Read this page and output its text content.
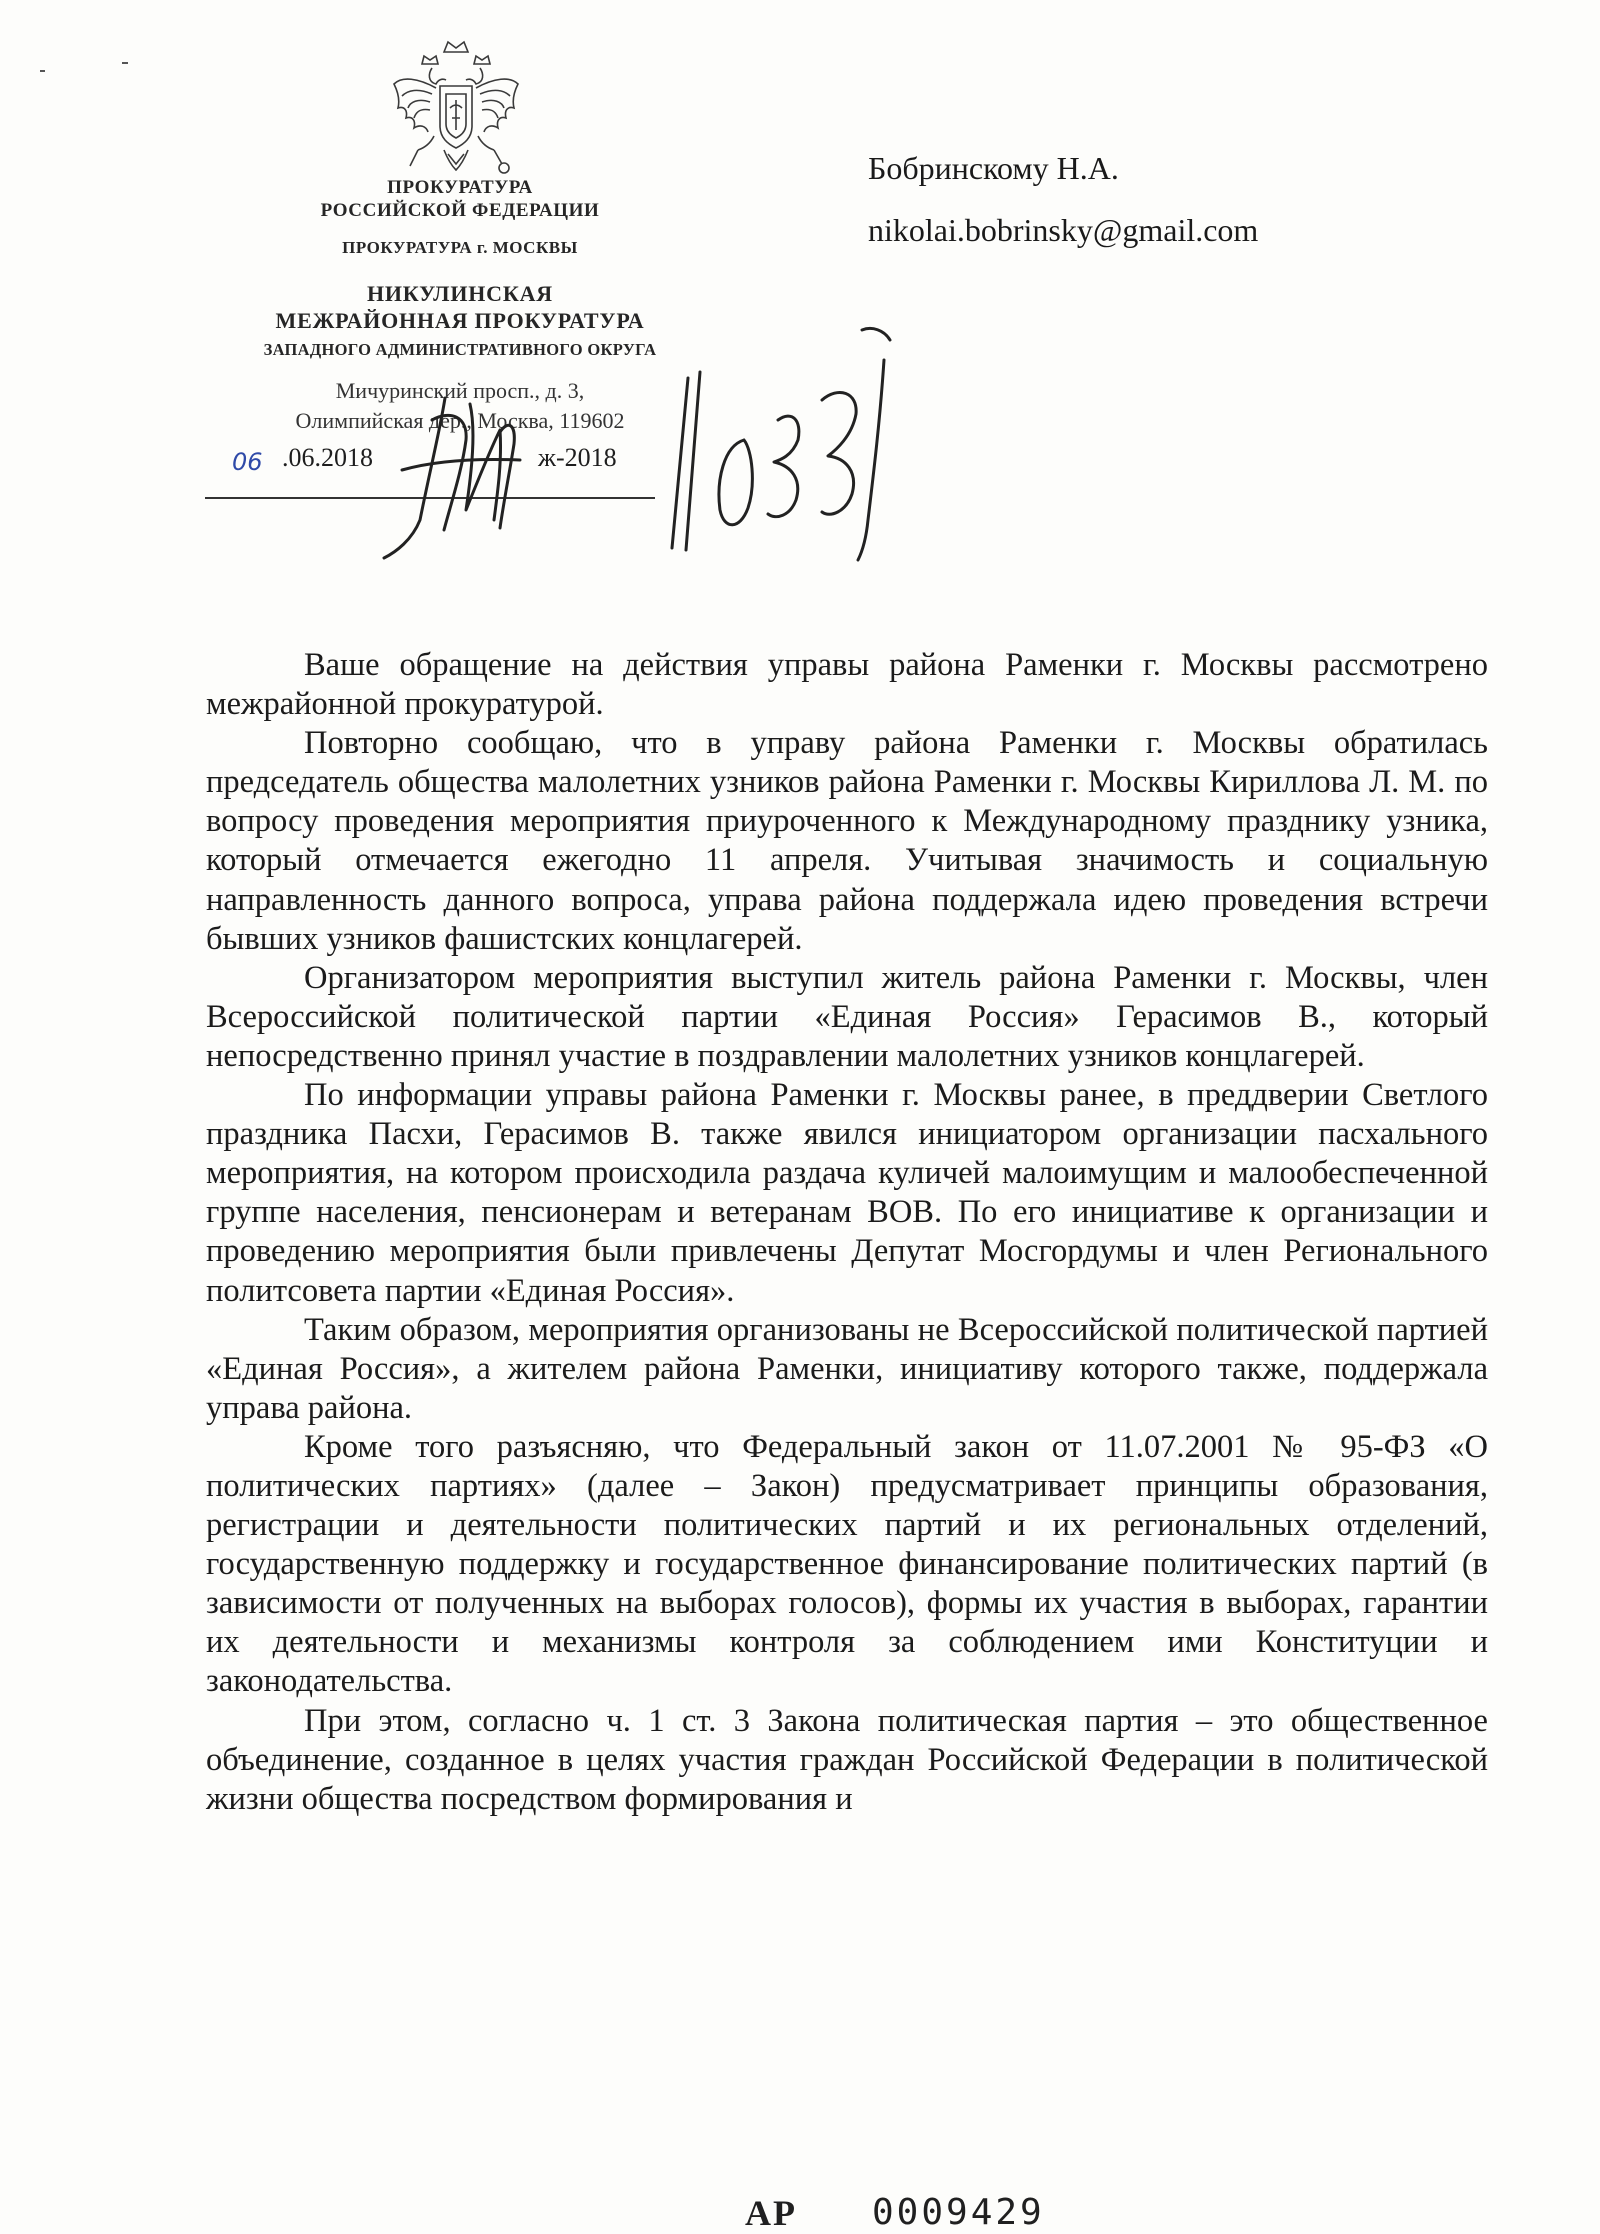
ПРОКУРАТУРА
РОССИЙСКОЙ ФЕДЕРАЦИИ
ПРОКУРАТУРА г. МОСКВЫ
НИКУЛИНСКАЯ
МЕЖРАЙОННАЯ ПРОКУРАТУРА
ЗАПАДНОГО АДМИНИСТРАТИВНОГО ОКРУГА
Мичуринский просп., д. 3,
Олимпийская дер., Москва, 119602
06 .06.2018	ж-2018
Бобринскому Н.А.
nikolai.bobrinsky@gmail.com

Ваше обращение на действия управы района Раменки г. Москвы рассмотрено межрайонной прокуратурой.

Повторно сообщаю, что в управу района Раменки г. Москвы обратилась председатель общества малолетних узников района Раменки г. Москвы Кириллова Л. М. по вопросу проведения мероприятия приуроченного к Международному празднику узника, который отмечается ежегодно 11 апреля. Учитывая значимость и социальную направленность данного вопроса, управа района поддержала идею проведения встречи бывших узников фашистских концлагерей.

Организатором мероприятия выступил житель района Раменки г. Москвы, член Всероссийской политической партии «Единая Россия» Герасимов В., который непосредственно принял участие в поздравлении малолетних узников концлагерей.

По информации управы района Раменки г. Москвы ранее, в преддверии Светлого праздника Пасхи, Герасимов В. также явился инициатором организации пасхального мероприятия, на котором происходила раздача куличей малоимущим и малообеспеченной группе населения, пенсионерам и ветеранам ВОВ. По его инициативе к организации и проведению мероприятия были привлечены Депутат Мосгордумы и член Регионального политсовета партии «Единая Россия».

Таким образом, мероприятия организованы не Всероссийской политической партией «Единая Россия», а жителем района Раменки, инициативу которого также, поддержала управа района.

Кроме того разъясняю, что Федеральный закон от 11.07.2001 № 95-ФЗ «О политических партиях» (далее – Закон) предусматривает принципы образования, регистрации и деятельности политических партий и их региональных отделений, государственную поддержку и государственное финансирование политических партий (в зависимости от полученных на выборах голосов), формы их участия в выборах, гарантии их деятельности и механизмы контроля за соблюдением ими Конституции и законодательства.

При этом, согласно ч. 1 ст. 3 Закона политическая партия – это общественное объединение, созданное в целях участия граждан Российской Федерации в политической жизни общества посредством формирования и

АР 0009429
